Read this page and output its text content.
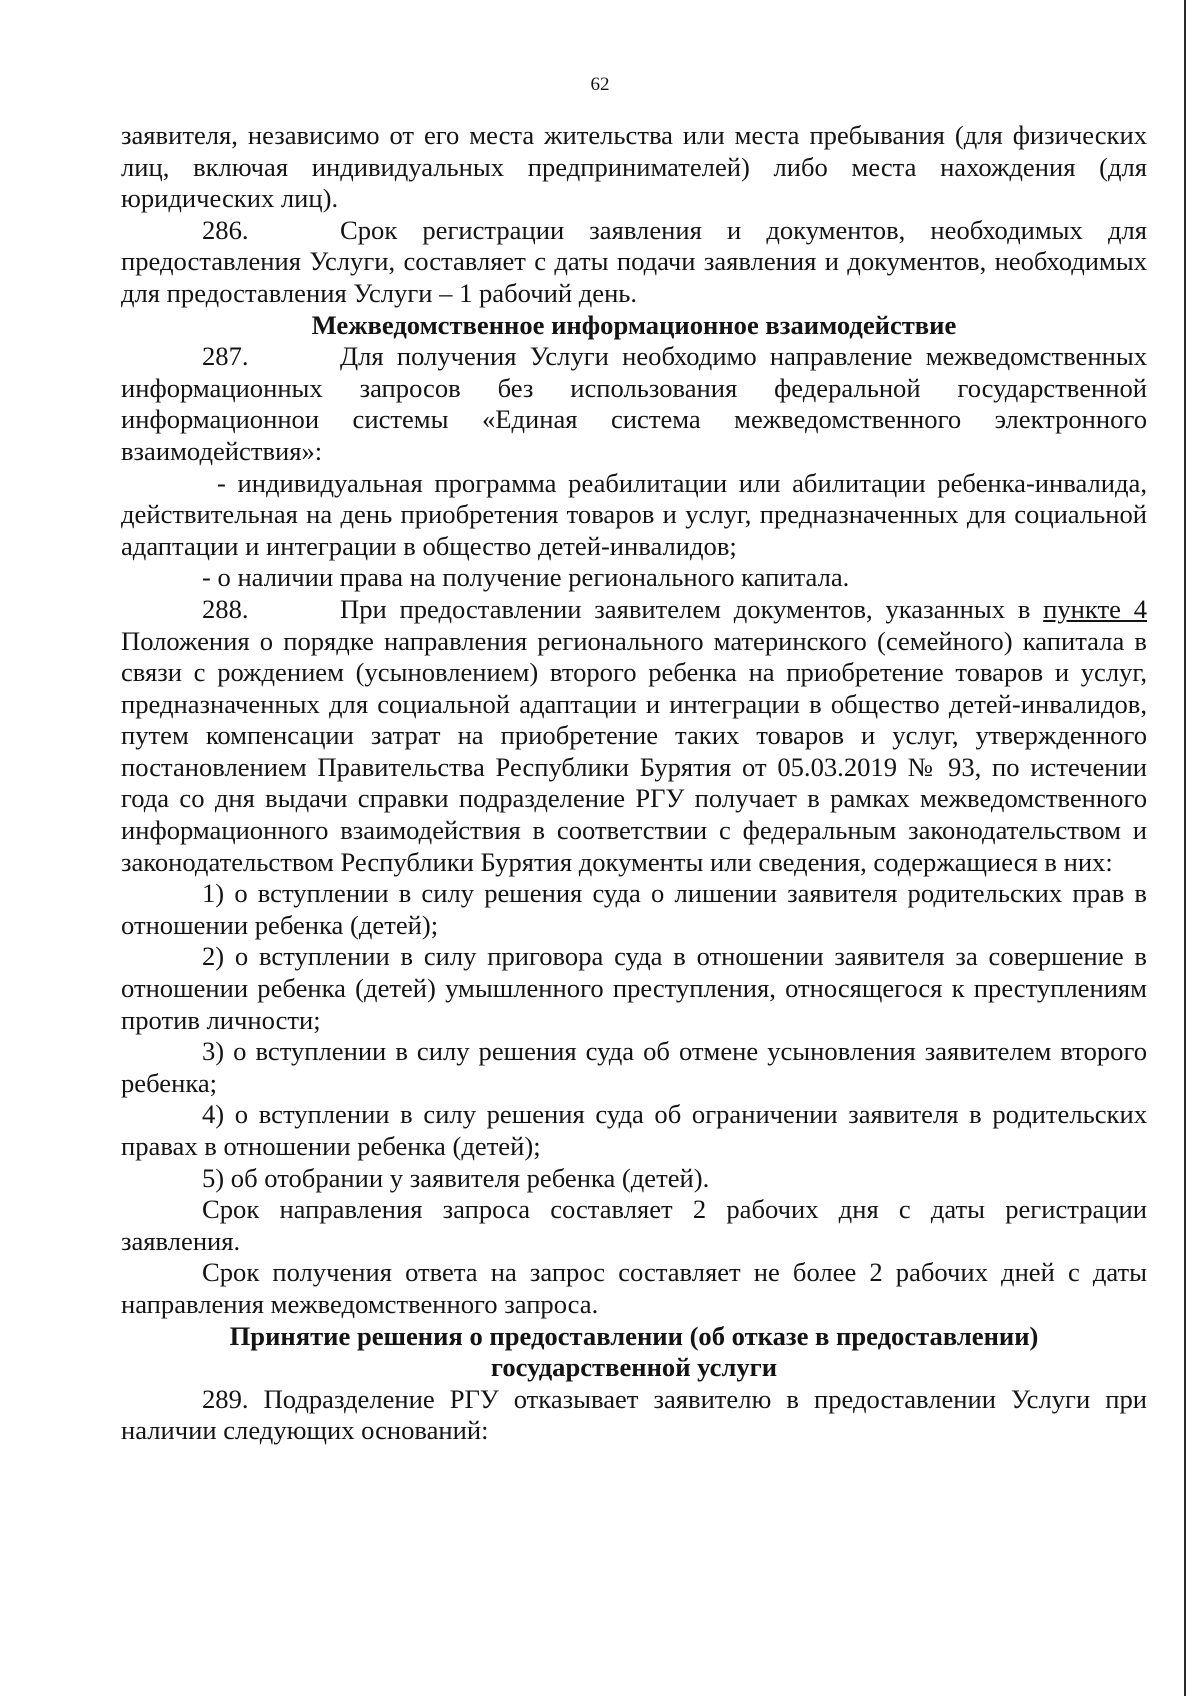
62

заявителя, независимо от его места жительства или места пребывания (для физических лиц, включая индивидуальных предпринимателей) либо места нахождения (для юридических лиц).

286.	Срок регистрации заявления и документов, необходимых для предоставления Услуги, составляет с даты подачи заявления и документов, необходимых для предоставления Услуги – 1 рабочий день.

Межведомственное информационное взаимодействие

287.	Для получения Услуги необходимо направление межведомственных информационных запросов без использования федеральной государственной информационнои системы «Единая система межведомственного электронного взаимодействия»:

- индивидуальная программа реабилитации или абилитации ребенка-инвалида, действительная на день приобретения товаров и услуг, предназначенных для социальной адаптации и интеграции в общество детей-инвалидов;

- о наличии права на получение регионального капитала.

288.	При предоставлении заявителем документов, указанных в пункте 4 Положения о порядке направления регионального материнского (семейного) капитала в связи с рождением (усыновлением) второго ребенка на приобретение товаров и услуг, предназначенных для социальной адаптации и интеграции в общество детей-инвалидов, путем компенсации затрат на приобретение таких товаров и услуг, утвержденного постановлением Правительства Республики Бурятия от 05.03.2019 № 93, по истечении года со дня выдачи справки подразделение РГУ получает в рамках межведомственного информационного взаимодействия в соответствии с федеральным законодательством и законодательством Республики Бурятия документы или сведения, содержащиеся в них:

1) о вступлении в силу решения суда о лишении заявителя родительских прав в отношении ребенка (детей);

2) о вступлении в силу приговора суда в отношении заявителя за совершение в отношении ребенка (детей) умышленного преступления, относящегося к преступлениям против личности;

3) о вступлении в силу решения суда об отмене усыновления заявителем второго ребенка;

4) о вступлении в силу решения суда об ограничении заявителя в родительских правах в отношении ребенка (детей);

5) об отобрании у заявителя ребенка (детей).

Срок направления запроса составляет 2 рабочих дня с даты регистрации заявления.

Срок получения ответа на запрос составляет не более 2 рабочих дней с даты направления межведомственного запроса.

Принятие решения о предоставлении (об отказе в предоставлении)
государственной услуги

289. Подразделение РГУ отказывает заявителю в предоставлении Услуги при наличии следующих оснований:
